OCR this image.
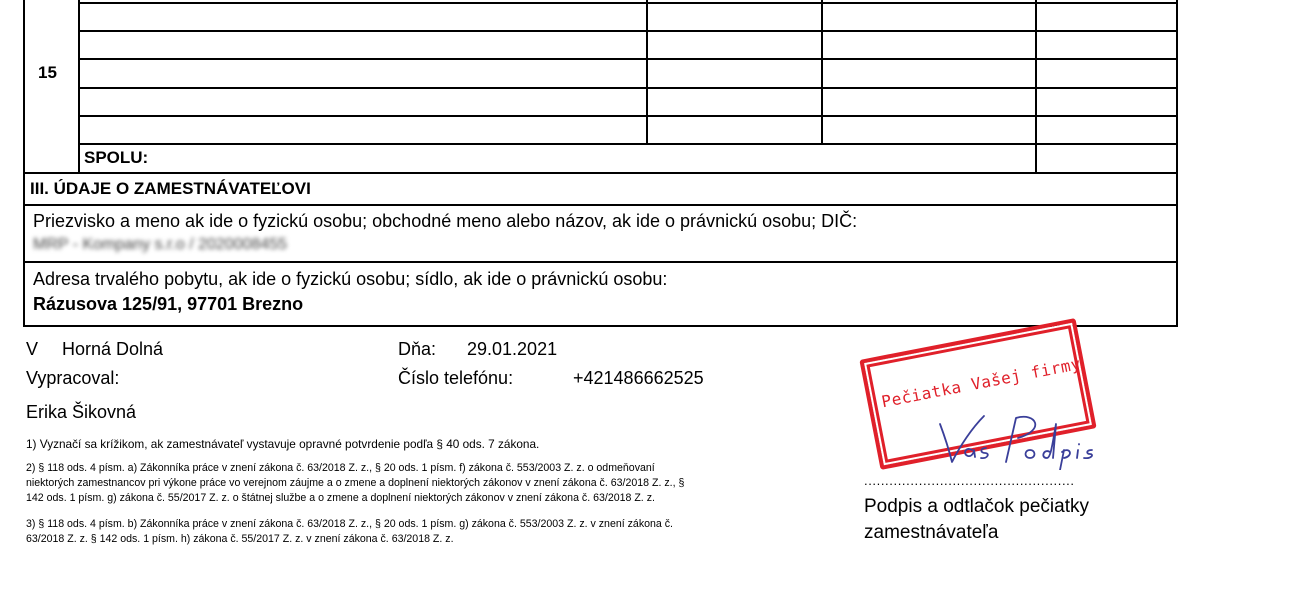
15
SPOLU:
III. ÚDAJE O ZAMESTNÁVATEĽOVI
Priezvisko a meno ak ide o fyzickú osobu; obchodné meno alebo názov, ak ide o právnickú osobu; DIČ:
MRP - Kompany s.r.o / 2020008455
Adresa trvalého pobytu, ak ide o fyzickú osobu; sídlo, ak ide o právnickú osobu:
Rázusova 125/91, 97701 Brezno
V Horná Dolná	Dňa: 29.01.2021
Vypracoval:	Číslo telefónu:	+421486662525
Erika Šikovná
1) Vyznačí sa krížikom, ak zamestnávateľ vystavuje opravné potvrdenie podľa § 40 ods. 7 zákona.
2) § 118 ods. 4 písm. a) Zákonníka práce v znení zákona č. 63/2018 Z. z., § 20 ods. 1 písm. f) zákona č. 553/2003 Z. z. o odmeňovaní
niektorých zamestnancov pri výkone práce vo verejnom záujme a o zmene a doplnení niektorých zákonov v znení zákona č. 63/2018 Z. z., §
142 ods. 1 písm. g) zákona č. 55/2017 Z. z. o štátnej službe a o zmene a doplnení niektorých zákonov v znení zákona č. 63/2018 Z. z.
3) § 118 ods. 4 písm. b) Zákonníka práce v znení zákona č. 63/2018 Z. z., § 20 ods. 1 písm. g) zákona č. 553/2003 Z. z. v znení zákona č.
63/2018 Z. z. § 142 ods. 1 písm. h) zákona č. 55/2017 Z. z. v znení zákona č. 63/2018 Z. z.
Pečiatka Vašej firmy
..................................................
Podpis a odtlačok pečiatky
zamestnávateľa
